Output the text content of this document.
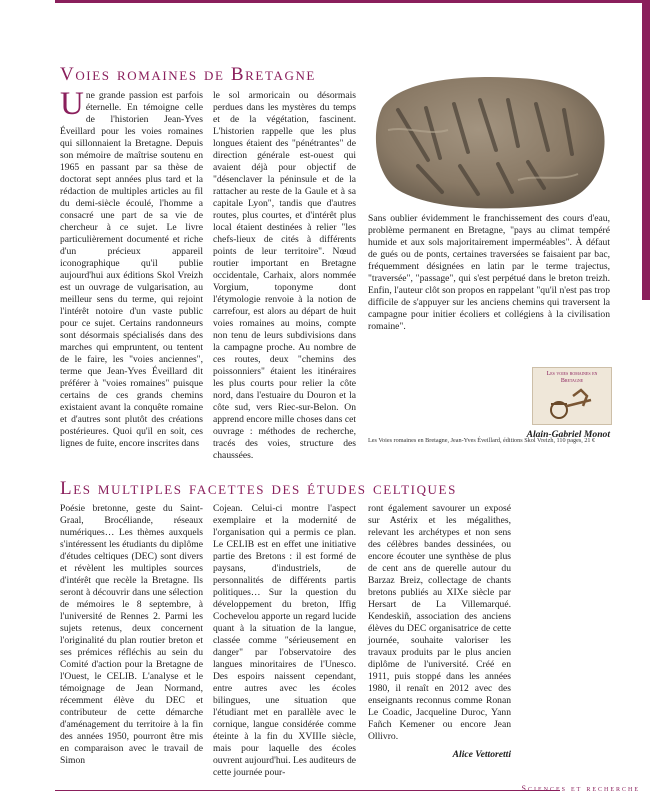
Voies romaines de Bretagne
U ne grande passion est parfois éternelle. En témoigne celle de l'historien Jean-Yves Éveillard pour les voies romaines qui sillonnaient la Bretagne. Depuis son mémoire de maîtrise soutenu en 1965 en passant par sa thèse de doctorat sept années plus tard et la rédaction de multiples articles au fil du demi-siècle écoulé, l'homme a consacré une part de sa vie de chercheur à ce sujet. Le livre particulièrement documenté et riche d'un précieux appareil iconographique qu'il publie aujourd'hui aux éditions Skol Vreizh est un ouvrage de vulgarisation, au meilleur sens du terme, qui rejoint l'intérêt notoire d'un vaste public pour ce sujet. Certains randonneurs sont désormais spécialisés dans des marches qui empruntent, ou tentent de le faire, les "voies anciennes", terme que Jean-Yves Éveillard dit préférer à "voies romaines" puisque certains de ces grands chemins existaient avant la conquête romaine et d'autres sont plutôt des créations postérieures. Quoi qu'il en soit, ces lignes de fuite, encore inscrites dans

le sol armoricain ou désormais perdues dans les mystères du temps et de la végétation, fascinent. L'historien rappelle que les plus longues étaient des "pénétrantes" de direction générale est-ouest qui avaient déjà pour objectif de "désenclaver la péninsule et de la rattacher au reste de la Gaule et à sa capitale Lyon", tandis que d'autres routes, plus courtes, et d'intérêt plus local étaient destinées à relier "les chefs-lieux de cités à différents points de leur territoire". Nœud routier important en Bretagne occidentale, Carhaix, alors nommée Vorgium, toponyme dont l'étymologie renvoie à la notion de carrefour, est alors au départ de huit voies romaines au moins, compte non tenu de leurs subdivisions dans la campagne proche. Au nombre de ces routes, deux "chemins des poissonniers" étaient les itinéraires les plus courts pour relier la côte nord, dans l'estuaire du Douron et la côte sud, vers Riec-sur-Belon. On apprend encore mille choses dans cet ouvrage : méthodes de recherche, tracés des voies, structure des chaussées.

Sans oublier évidemment le franchissement des cours d'eau, problème permanent en Bretagne, "pays au climat tempéré humide et aux sols majoritairement imperméables". À défaut de gués ou de ponts, certaines traversées se faisaient par bac, fréquemment désignées en latin par le terme trajectus, "traversée", "passage", qui s'est perpétué dans le breton treizh. Enfin, l'auteur clôt son propos en rappelant "qu'il n'est pas trop difficile de s'appuyer sur les anciens chemins qui traversent la campagne pour initier écoliers et collégiens à la civilisation romaine".

Les voies romaines en Bretagne
Alain-Gabriel Monot

Les Voies romaines en Bretagne, Jean-Yves Éveillard, éditions Skol Vreizh, 110 pages, 21 €

Les multiples facettes des études celtiques

Poésie bretonne, geste du Saint-Graal, Brocéliande, réseaux numériques… Les thèmes auxquels s'intéressent les étudiants du diplôme d'études celtiques (DEC) sont divers et révèlent les multiples sources d'intérêt que recèle la Bretagne. Ils seront à découvrir dans une sélection de mémoires le 8 septembre, à l'université de Rennes 2. Parmi les sujets retenus, deux concernent l'originalité du plan routier breton et ses prémices réfléchis au sein du Comité d'action pour la Bretagne de l'Ouest, le CELIB. L'analyse et le témoignage de Jean Normand, récemment élève du DEC et contributeur de cette démarche d'aménagement du territoire à la fin des années 1950, pourront être mis en comparaison avec le travail de Simon

Cojean. Celui-ci montre l'aspect exemplaire et la modernité de l'organisation qui a permis ce plan. Le CELIB est en effet une initiative partie des Bretons : il est formé de paysans, d'industriels, de personnalités de différents partis politiques… Sur la question du développement du breton, Iffig Cochevelou apporte un regard lucide quant à la situation de la langue, classée comme "sérieusement en danger" par l'observatoire des langues minoritaires de l'Unesco. Des espoirs naissent cependant, entre autres avec les écoles bilingues, une situation que l'étudiant met en parallèle avec le cornique, langue considérée comme éteinte à la fin du XVIIIe siècle, mais pour laquelle des écoles ouvrent aujourd'hui. Les auditeurs de cette journée pour-

ront également savourer un exposé sur Astérix et les mégalithes, relevant les archétypes et non sens des célèbres bandes dessinées, ou encore écouter une synthèse de plus de cent ans de querelle autour du Barzaz Breiz, collectage de chants bretons publiés au XIXe siècle par Hersart de La Villemarqué. Kendeskiñ, association des anciens élèves du DEC organisatrice de cette journée, souhaite valoriser les travaux produits par le plus ancien diplôme de l'université. Créé en 1911, puis stoppé dans les années 1980, il renaît en 2012 avec des enseignants reconnus comme Ronan Le Coadic, Jacqueline Duroc, Yann Fañch Kemener ou encore Jean Ollivro.

Alice Vettoretti
Sciences et recherche
